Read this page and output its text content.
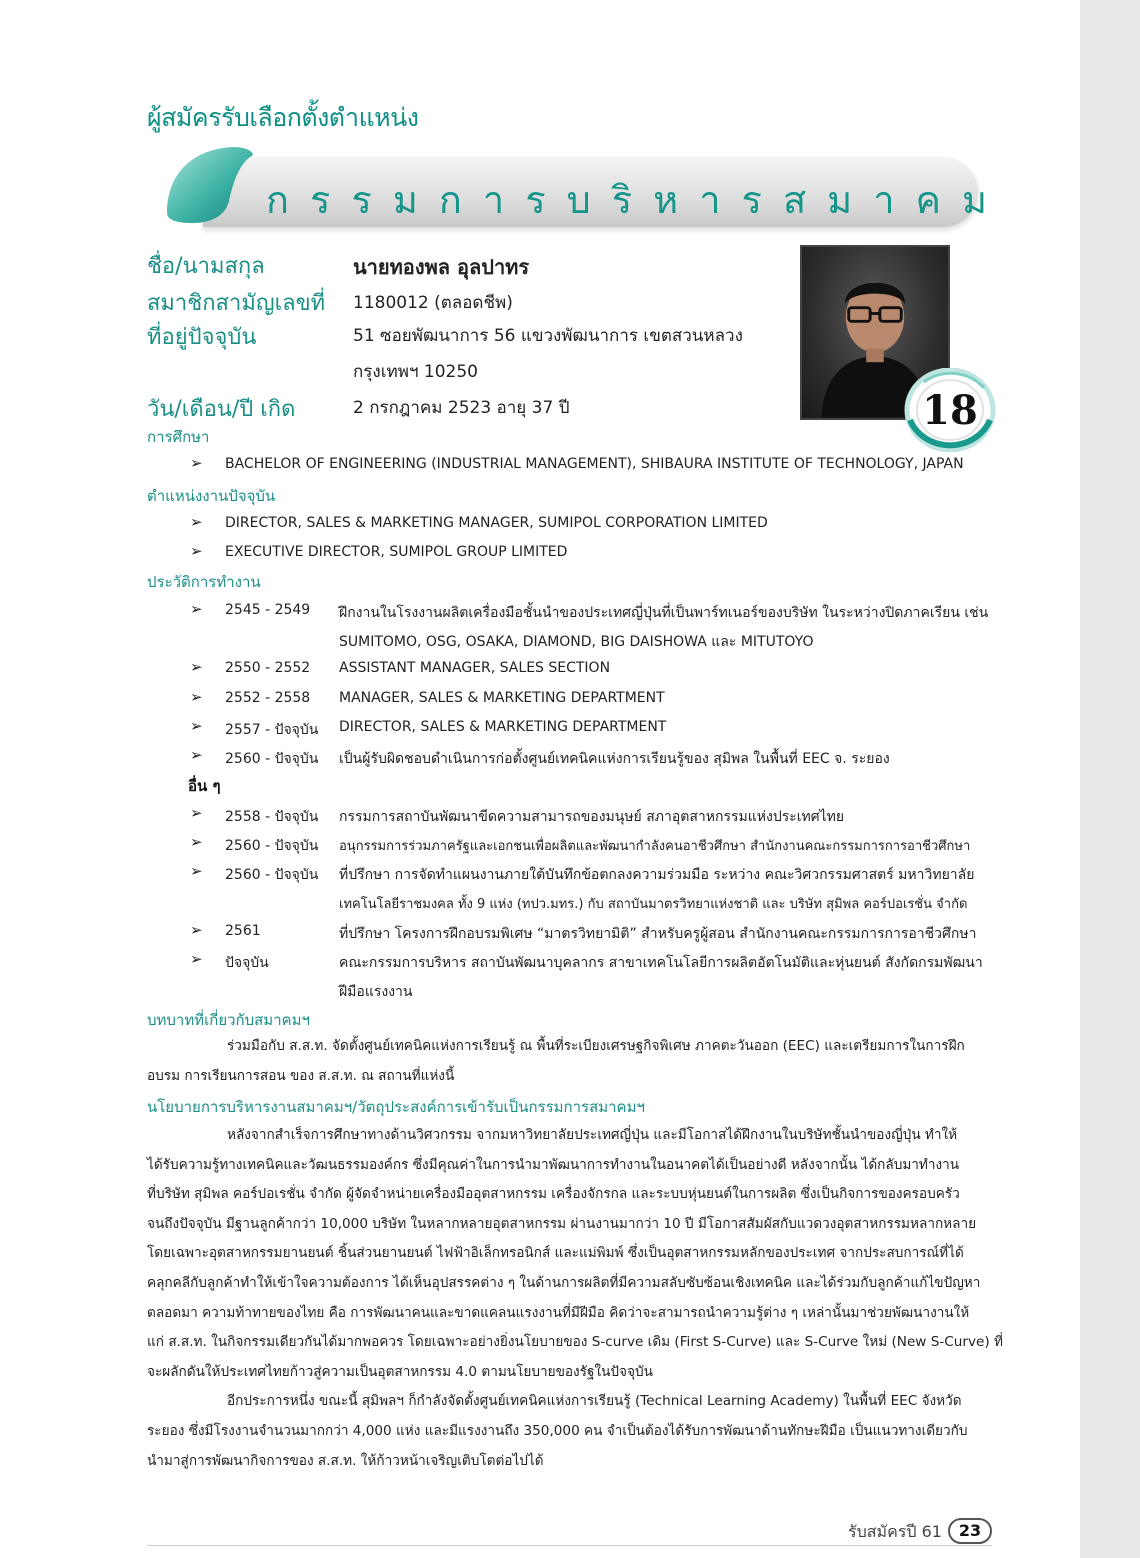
ผู้สมัครรับเลือกตั้งตำแหน่ง
กรรมการบริหารสมาคม
ชื่อ/นามสกุล	นายทองพล อุลปาทร
สมาชิกสามัญเลขที่ 1180012 (ตลอดชีพ)
ที่อยู่ปัจจุบัน	51 ซอยพัฒนาการ 56 แขวงพัฒนาการ เขตสวนหลวง
กรุงเทพฯ 10250
วัน/เดือน/ปี เกิด	2 กรกฎาคม 2523 อายุ 37 ปี	18
การศึกษา
➢ BACHELOR OF ENGINEERING (INDUSTRIAL MANAGEMENT), SHIBAURA INSTITUTE OF TECHNOLOGY, JAPAN
ตำแหน่งงานปัจจุบัน
➢ DIRECTOR, SALES & MARKETING MANAGER, SUMIPOL CORPORATION LIMITED
➢ EXECUTIVE DIRECTOR, SUMIPOL GROUP LIMITED
ประวัติการทำงาน
➢ 2545 - 2549 ฝึกงานในโรงงานผลิตเครื่องมือชั้นนำของประเทศญี่ปุ่นที่เป็นพาร์ทเนอร์ของบริษัท ในระหว่างปิดภาคเรียน เช่น
SUMITOMO, OSG, OSAKA, DIAMOND, BIG DAISHOWA และ MITUTOYO
➢ 2550 - 2552 ASSISTANT MANAGER, SALES SECTION
➢ 2552 - 2558 MANAGER, SALES & MARKETING DEPARTMENT
➢ 2557 - ปัจจุบัน DIRECTOR, SALES & MARKETING DEPARTMENT
➢ 2560 - ปัจจุบัน เป็นผู้รับผิดชอบดำเนินการก่อตั้งศูนย์เทคนิคแห่งการเรียนรู้ของ สุมิพล ในพื้นที่ EEC จ. ระยอง
อื่น ๆ
➢ 2558 - ปัจจุบัน กรรมการสถาบันพัฒนาขีดความสามารถของมนุษย์ สภาอุตสาหกรรมแห่งประเทศไทย
➢ 2560 - ปัจจุบัน อนุกรรมการร่วมภาครัฐและเอกชนเพื่อผลิตและพัฒนากำลังคนอาชีวศึกษา สำนักงานคณะกรรมการการอาชีวศึกษา
➢ 2560 - ปัจจุบัน ที่ปรึกษา การจัดทำแผนงานภายใต้บันทึกข้อตกลงความร่วมมือ ระหว่าง คณะวิศวกรรมศาสตร์ มหาวิทยาลัย
เทคโนโลยีราชมงคล ทั้ง 9 แห่ง (ทปว.มทร.) กับ สถาบันมาตรวิทยาแห่งชาติ และ บริษัท สุมิพล คอร์ปอเรชั่น จำกัด
➢ 2561	ที่ปรึกษา โครงการฝึกอบรมพิเศษ “มาตรวิทยามิติ” สำหรับครูผู้สอน สำนักงานคณะกรรมการการอาชีวศึกษา
➢ ปัจจุบัน	คณะกรรมการบริหาร สถาบันพัฒนาบุคลากร สาขาเทคโนโลยีการผลิตอัตโนมัติและหุ่นยนต์ สังกัดกรมพัฒนา
ฝีมือแรงงาน
บทบาทที่เกี่ยวกับสมาคมฯ

ร่วมมือกับ ส.ส.ท. จัดตั้งศูนย์เทคนิคแห่งการเรียนรู้ ณ พื้นที่ระเบียงเศรษฐกิจพิเศษ ภาคตะวันออก (EEC) และเตรียมการในการฝึก

อบรม การเรียนการสอน ของ ส.ส.ท. ณ สถานที่แห่งนี้

นโยบายการบริหารงานสมาคมฯ/วัตถุประสงค์การเข้ารับเป็นกรรมการสมาคมฯ

หลังจากสำเร็จการศึกษาทางด้านวิศวกรรม จากมหาวิทยาลัยประเทศญี่ปุ่น และมีโอกาสได้ฝึกงานในบริษัทชั้นนำของญี่ปุ่น ทำให้

ได้รับความรู้ทางเทคนิคและวัฒนธรรมองค์กร ซึ่งมีคุณค่าในการนำมาพัฒนาการทำงานในอนาคตได้เป็นอย่างดี หลังจากนั้น ได้กลับมาทำงาน

ที่บริษัท สุมิพล คอร์ปอเรชั่น จำกัด ผู้จัดจำหน่ายเครื่องมืออุตสาหกรรม เครื่องจักรกล และระบบหุ่นยนต์ในการผลิต ซึ่งเป็นกิจการของครอบครัว

จนถึงปัจจุบัน มีฐานลูกค้ากว่า 10,000 บริษัท ในหลากหลายอุตสาหกรรม ผ่านงานมากว่า 10 ปี มีโอกาสสัมผัสกับแวดวงอุตสาหกรรมหลากหลาย

โดยเฉพาะอุตสาหกรรมยานยนต์ ชิ้นส่วนยานยนต์ ไฟฟ้าอิเล็กทรอนิกส์ และแม่พิมพ์ ซึ่งเป็นอุตสาหกรรมหลักของประเทศ จากประสบการณ์ที่ได้

คลุกคลีกับลูกค้าทำให้เข้าใจความต้องการ ได้เห็นอุปสรรคต่าง ๆ ในด้านการผลิตที่มีความสลับซับซ้อนเชิงเทคนิค และได้ร่วมกับลูกค้าแก้ไขปัญหา

ตลอดมา ความท้าทายของไทย คือ การพัฒนาคนและขาดแคลนแรงงานที่มีฝีมือ คิดว่าจะสามารถนำความรู้ต่าง ๆ เหล่านั้นมาช่วยพัฒนางานให้

แก่ ส.ส.ท. ในกิจกรรมเดียวกันได้มากพอควร โดยเฉพาะอย่างยิ่งนโยบายของ S-curve เดิม (First S-Curve) และ S-Curve ใหม่ (New S-Curve) ที่

จะผลักดันให้ประเทศไทยก้าวสู่ความเป็นอุตสาหกรรม 4.0 ตามนโยบายของรัฐในปัจจุบัน

อีกประการหนึ่ง ขณะนี้ สุมิพลฯ ก็กำลังจัดตั้งศูนย์เทคนิคแห่งการเรียนรู้ (Technical Learning Academy) ในพื้นที่ EEC จังหวัด

ระยอง ซึ่งมีโรงงานจำนวนมากกว่า 4,000 แห่ง และมีแรงงานถึง 350,000 คน จำเป็นต้องได้รับการพัฒนาด้านทักษะฝีมือ เป็นแนวทางเดียวกับ

นำมาสู่การพัฒนากิจการของ ส.ส.ท. ให้ก้าวหน้าเจริญเติบโตต่อไปได้

รับสมัครปี 61	23
